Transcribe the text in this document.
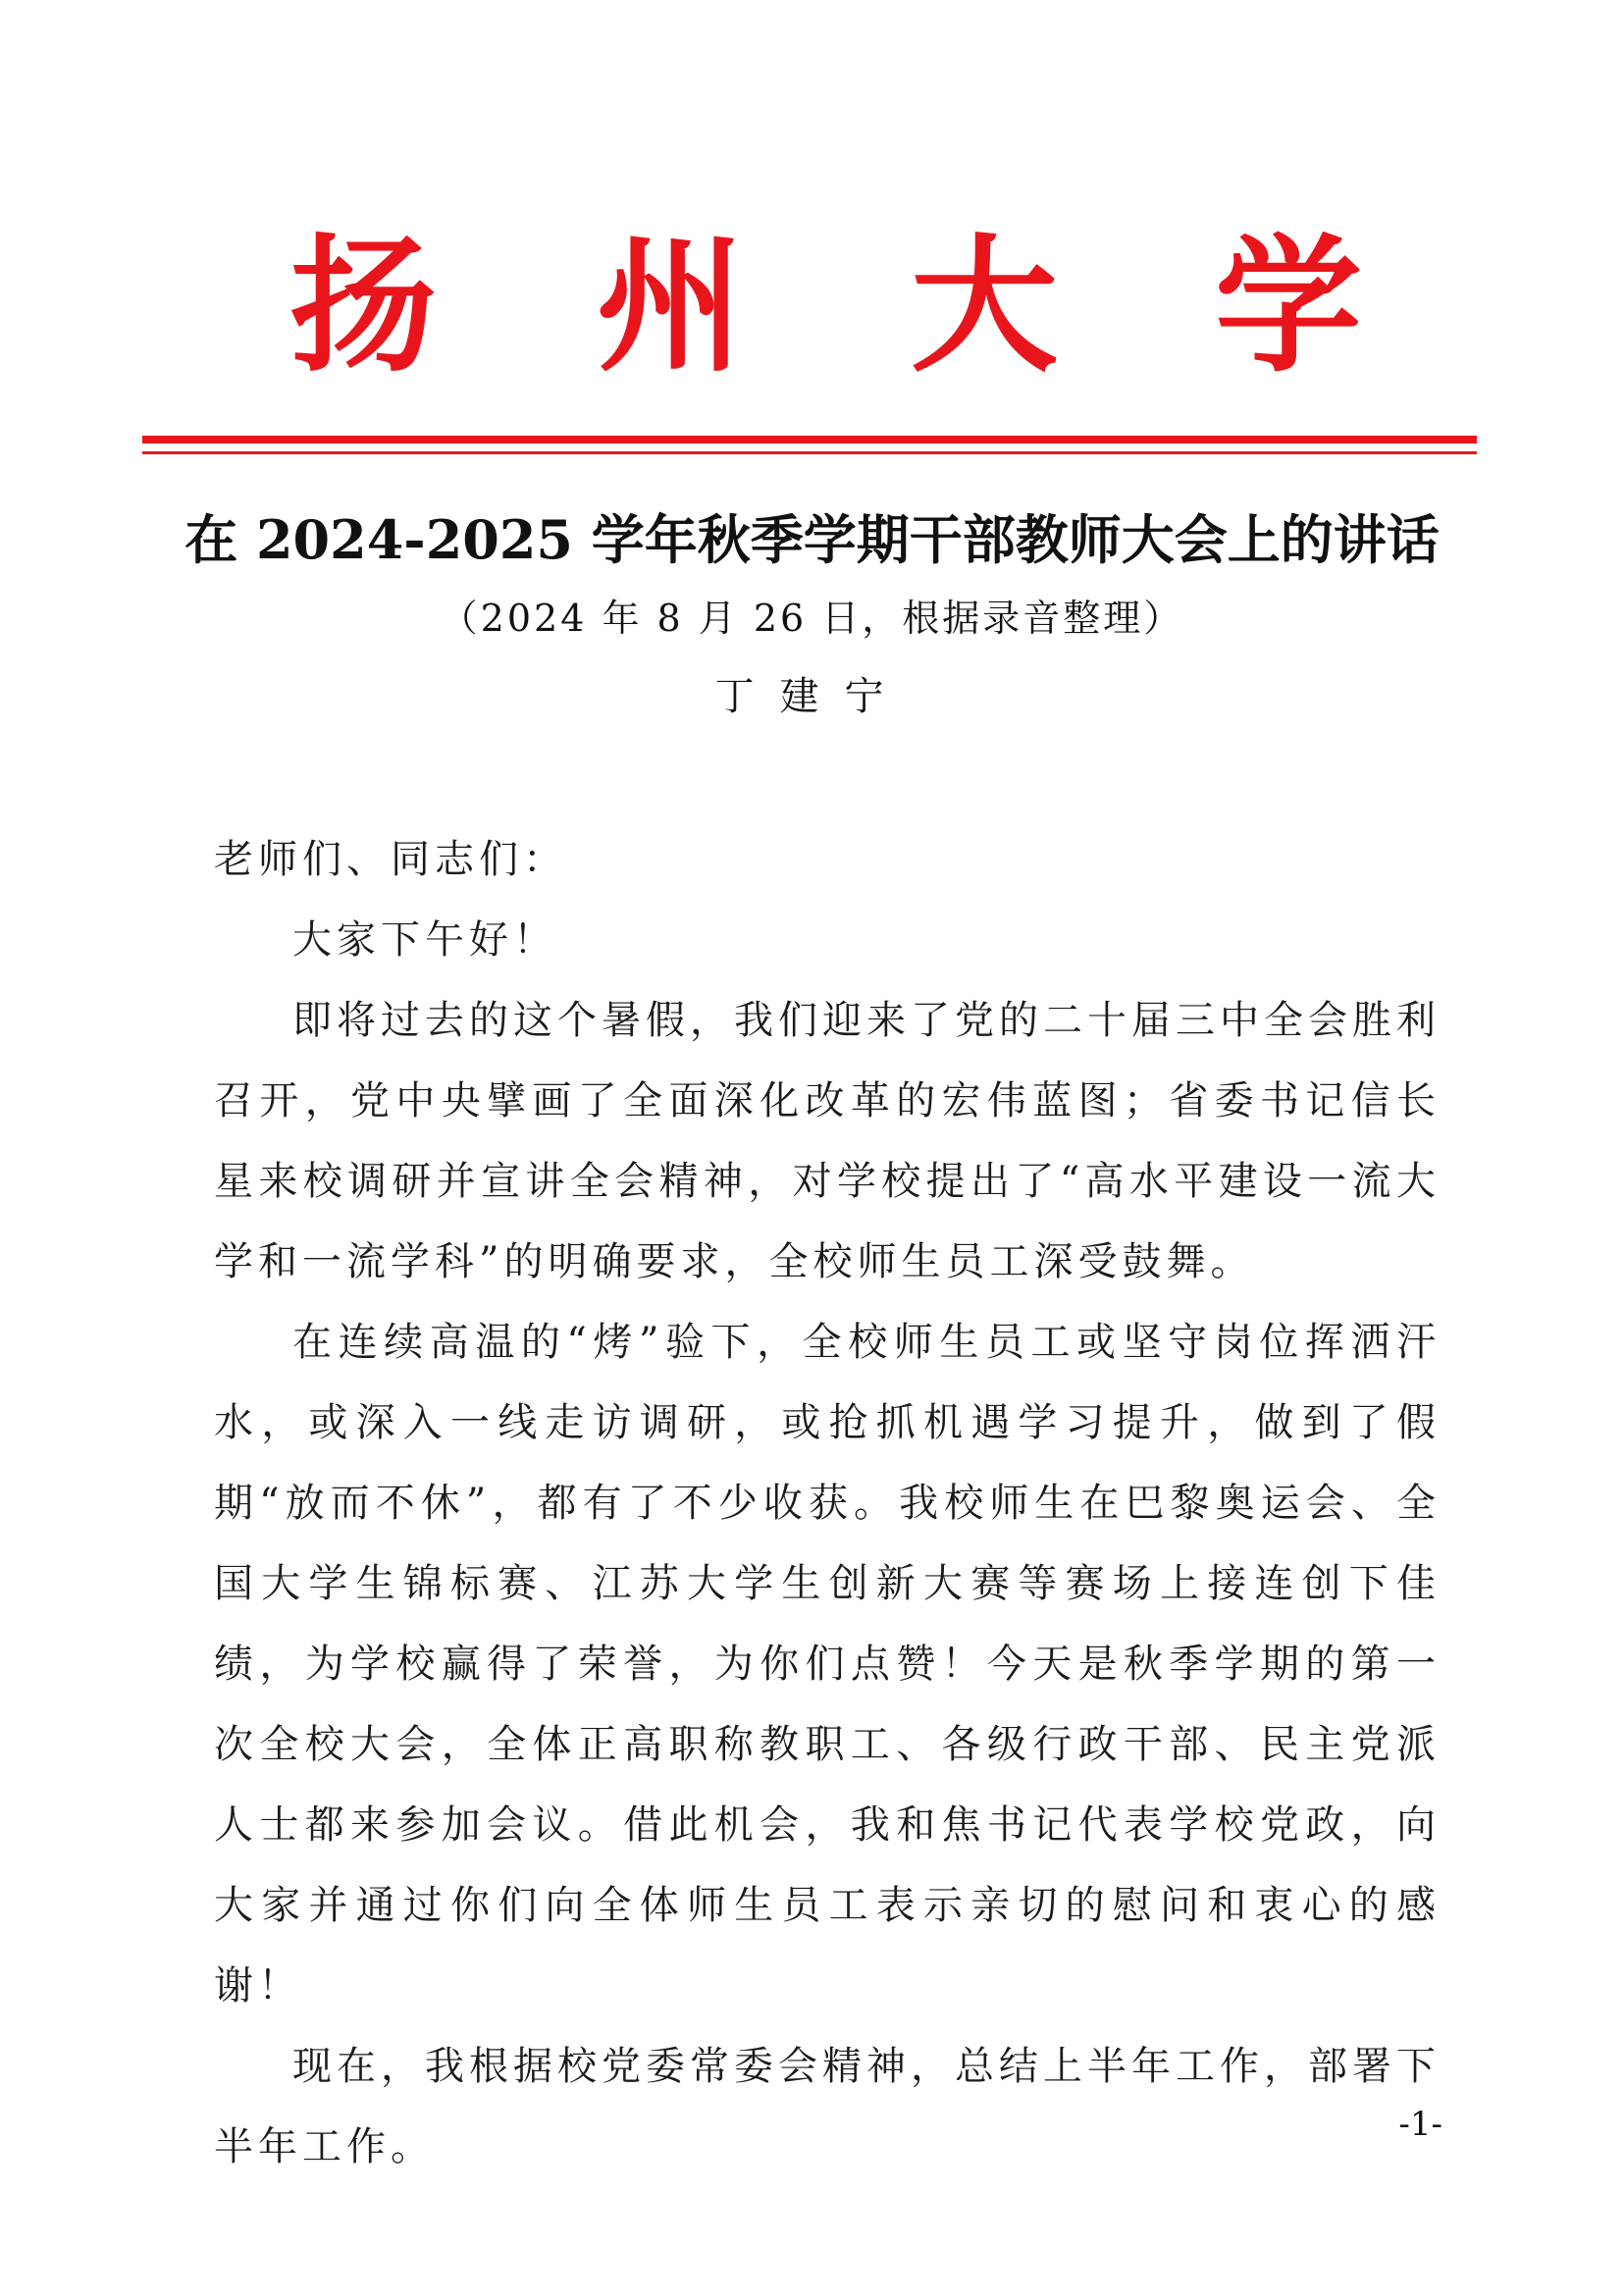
扬 州 大 学
在 2024-2025 学年秋季学期干部教师大会上的讲话
（2024 年 8 月 26 日，根据录音整理）
丁建宁

老师们、同志们：

大家下午好！

即将过去的这个暑假，我们迎来了党的二十届三中全会胜利召开，党中央擘画了全面深化改革的宏伟蓝图；省委书记信长星来校调研并宣讲全会精神，对学校提出了“高水平建设一流大学和一流学科”的明确要求，全校师生员工深受鼓舞。

在连续高温的“烤”验下，全校师生员工或坚守岗位挥洒汗水，或深入一线走访调研，或抢抓机遇学习提升，做到了假期“放而不休”，都有了不少收获。我校师生在巴黎奥运会、全国大学生锦标赛、江苏大学生创新大赛等赛场上接连创下佳绩，为学校赢得了荣誉，为你们点赞！今天是秋季学期的第一次全校大会，全体正高职称教职工、各级行政干部、民主党派人士都来参加会议。借此机会，我和焦书记代表学校党政，向大家并通过你们向全体师生员工表示亲切的慰问和衷心的感谢！

现在，我根据校党委常委会精神，总结上半年工作，部署下半年工作。	-1-
